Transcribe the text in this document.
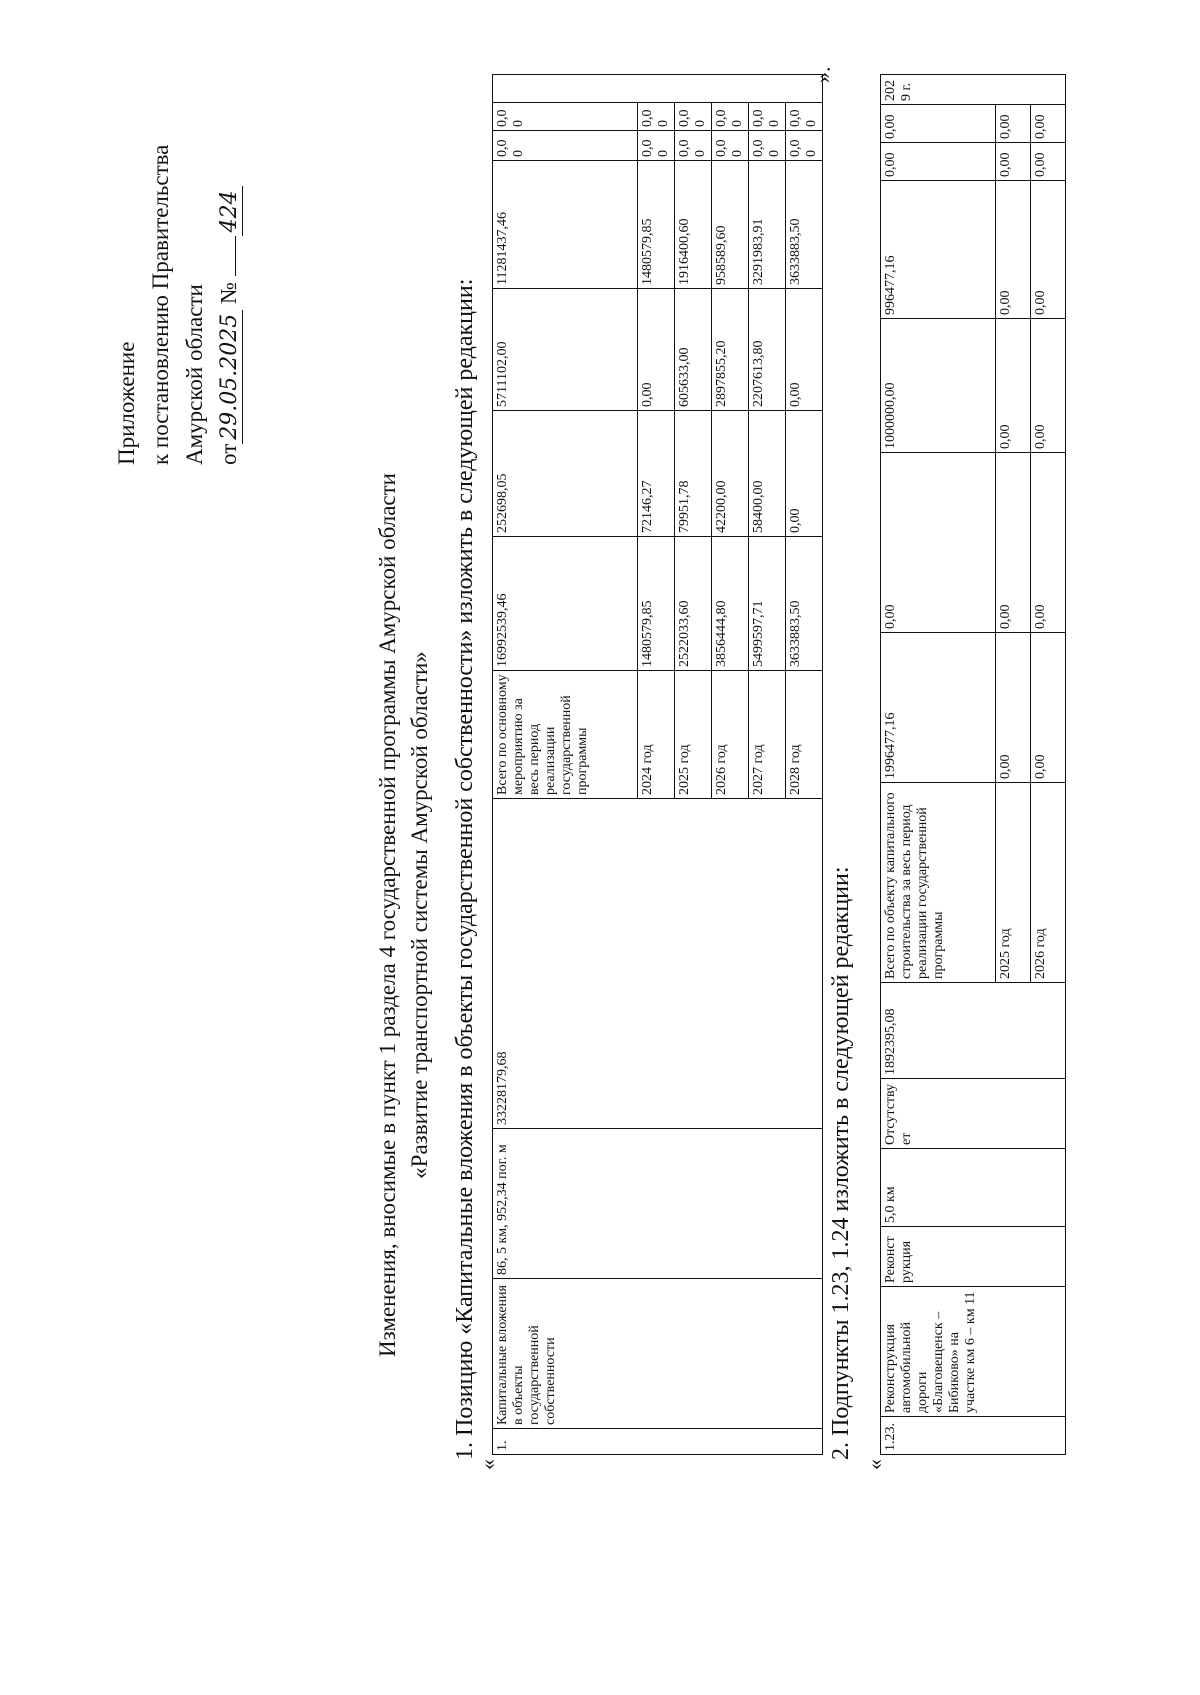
Приложение к постановлению Правительства Амурской области от29.05.2025 № 424
Изменения, вносимые в пункт 1 раздела 4 государственной программы Амурской области «Развитие транспортной системы Амурской области» 1. Позицию «Капитальные вложения в объекты государственной собственности» изложить в следующей редакции:
«
1.	Капитальные вложения в объекты государственной собственности	86, 5 км, 952,34 пог. м	33228179,68	Всего по основному мероприятию за весь период реализации государственной программы	16992539,46	252698,05	5711102,00	11281437,46	0,00	0,00	
				2024 год	1480579,85	72146,27	0,00	1480579,85	0,00	0,00	
				2025 год	2522033,60	79951,78	605633,00	1916400,60	0,00	0,00	
				2026 год	3856444,80	42200,00	2897855,20	958589,60	0,00	0,00	
				2027 год	5499597,71	58400,00	2207613,80	3291983,91	0,00	0,00	
				2028 год	3633883,50	0,00	0,00	3633883,50	0,00	0,00	
».
2. Подпункты 1.23, 1.24 изложить в следующей редакции:
«
1.23.	Реконструкция автомобильной дороги «Благовещенск – Бибиково» на участке км 6 – км 11	Реконструкция	5,0 км	Отсутствует	1892395,08	Всего по объекту капитального строительства за весь период реализации государственной программы	1996477,16	0,00	1000000,00	996477,16	0,00	0,00	2029 г.
						2025 год	0,00	0,00	0,00	0,00	0,00	0,00	
						2026 год	0,00	0,00	0,00	0,00	0,00	0,00	
